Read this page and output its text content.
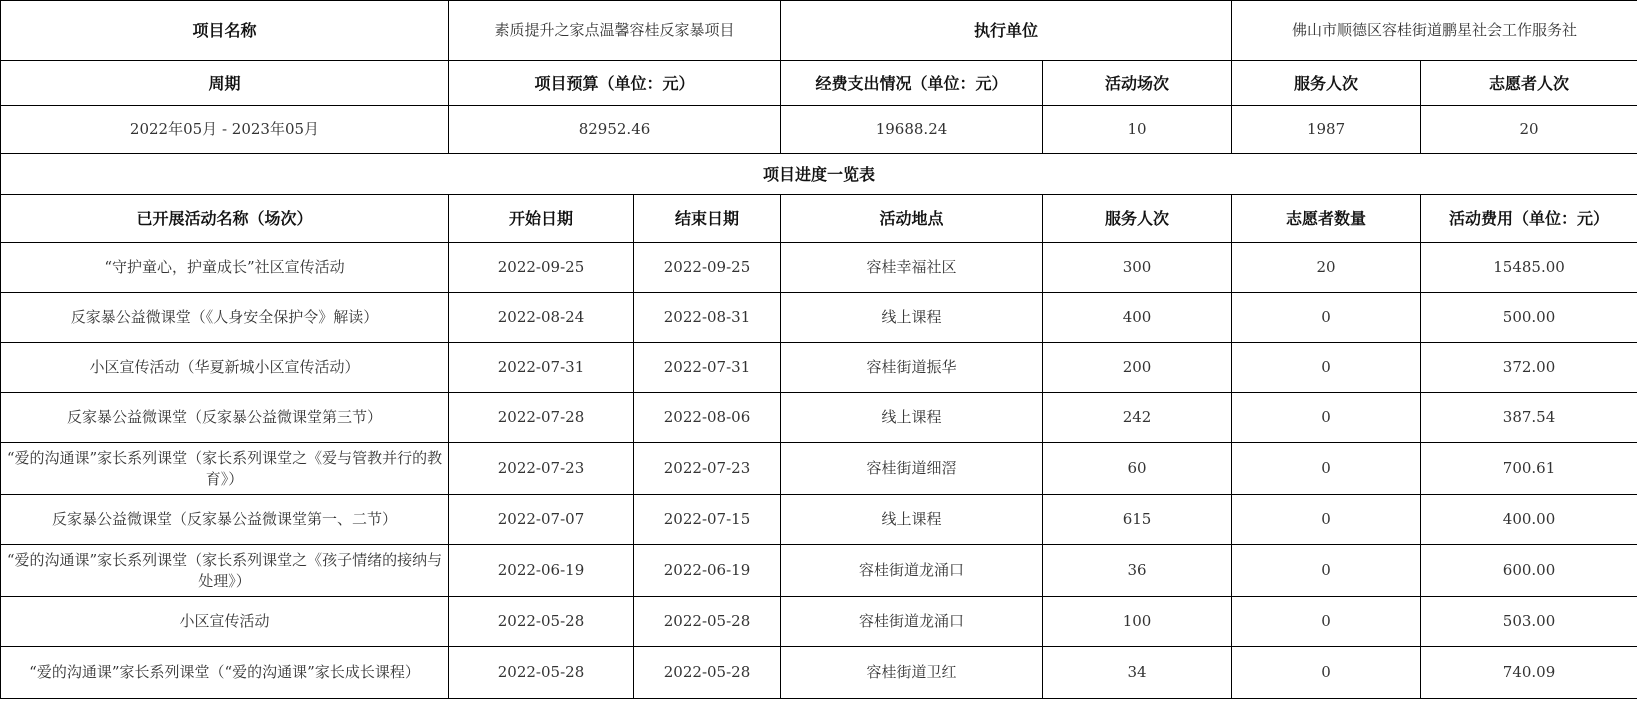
项目名称	素质提升之家点温馨容桂反家暴项目		执行单位		佛山市顺德区容桂街道鹏星社会工作服务社	
周期	项目预算（单位：元）		经费支出情况（单位：元）	活动场次	服务人次	志愿者人次
2022年05月 - 2023年05月	82952.46		19688.24	10	1987	20
项目进度一览表						
已开展活动名称（场次）	开始日期	结束日期	活动地点	服务人次	志愿者数量	活动费用（单位：元）
“守护童心，护童成长”社区宣传活动	2022-09-25	2022-09-25	容桂幸福社区	300	20	15485.00
反家暴公益微课堂（《人身安全保护令》解读）	2022-08-24	2022-08-31	线上课程	400	0	500.00
小区宣传活动（华夏新城小区宣传活动）	2022-07-31	2022-07-31	容桂街道振华	200	0	372.00
反家暴公益微课堂（反家暴公益微课堂第三节）	2022-07-28	2022-08-06	线上课程	242	0	387.54
“爱的沟通课”家长系列课堂（家长系列课堂之《爱与管教并行的教育》）	2022-07-23	2022-07-23	容桂街道细滘	60	0	700.61
反家暴公益微课堂（反家暴公益微课堂第一、二节）	2022-07-07	2022-07-15	线上课程	615	0	400.00
“爱的沟通课”家长系列课堂（家长系列课堂之《孩子情绪的接纳与处理》）	2022-06-19	2022-06-19	容桂街道龙涌口	36	0	600.00
小区宣传活动	2022-05-28	2022-05-28	容桂街道龙涌口	100	0	503.00
“爱的沟通课”家长系列课堂（“爱的沟通课”家长成长课程）	2022-05-28	2022-05-28	容桂街道卫红	34	0	740.09
